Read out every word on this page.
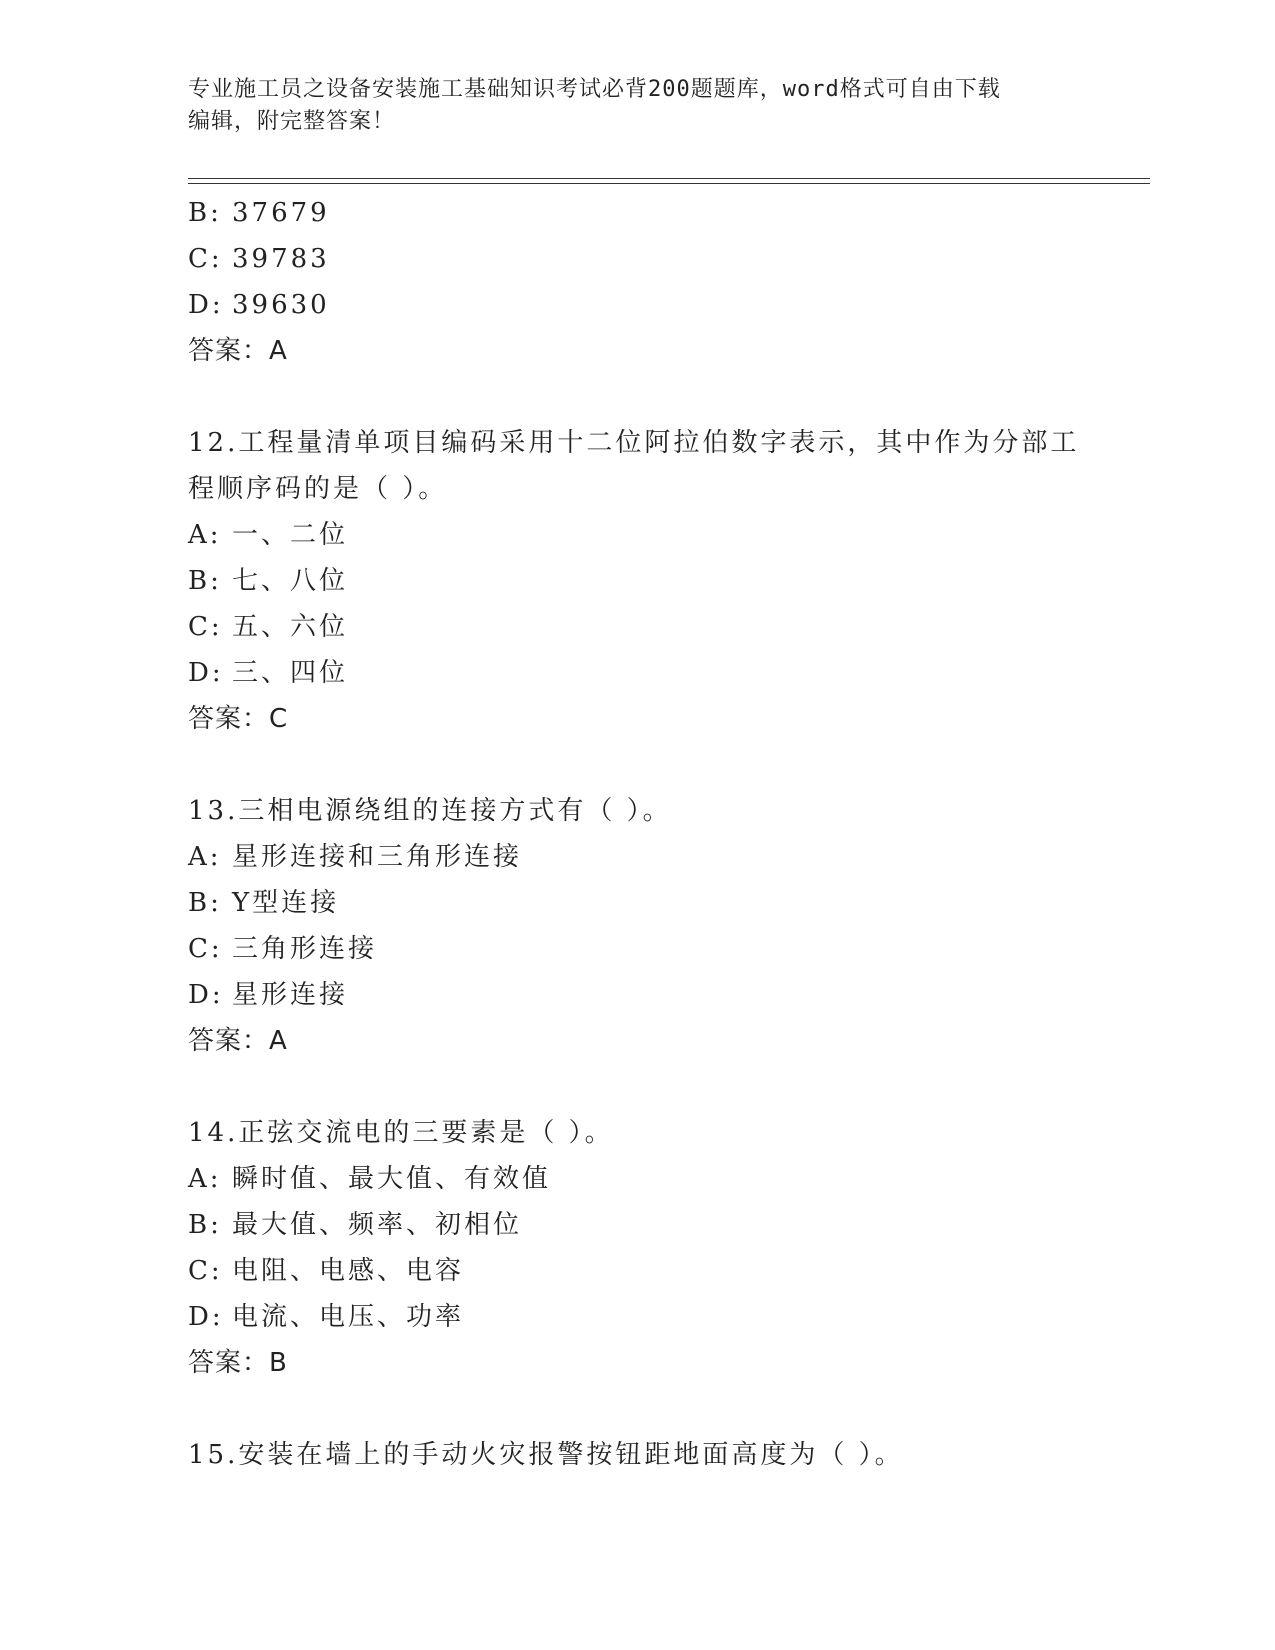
专业施工员之设备安装施工基础知识考试必背200题题库，word格式可自由下载
编辑，附完整答案！
B: 37679
C: 39783
D: 39630
答案：A
12.工程量清单项目编码采用十二位阿拉伯数字表示，其中作为分部工
程顺序码的是（ ）。
A: 一、二位
B: 七、八位
C: 五、六位
D: 三、四位
答案：C
13.三相电源绕组的连接方式有（ ）。
A: 星形连接和三角形连接
B: Y型连接
C: 三角形连接
D: 星形连接
答案：A
14.正弦交流电的三要素是（ ）。
A: 瞬时值、最大值、有效值
B: 最大值、频率、初相位
C: 电阻、电感、电容
D: 电流、电压、功率
答案：B
15.安装在墙上的手动火灾报警按钮距地面高度为（ ）。
